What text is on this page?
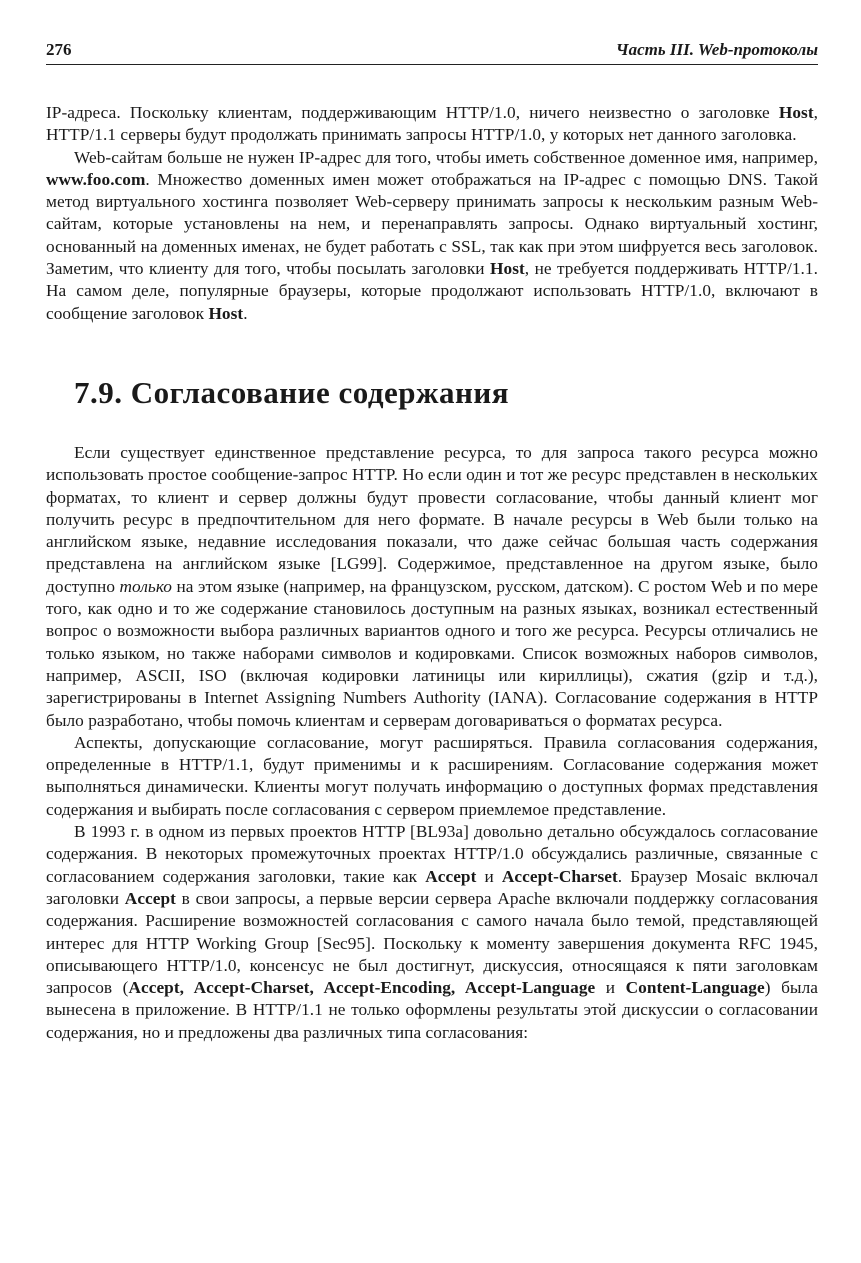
276	Часть III. Web-протоколы

IP-адреса. Поскольку клиентам, поддерживающим HTTP/1.0, ничего неизвестно о заголовке Host, HTTP/1.1 серверы будут продолжать принимать запросы HTTP/1.0, у которых нет данного заголовка.

Web-сайтам больше не нужен IP-адрес для того, чтобы иметь собственное доменное имя, например, www.foo.com. Множество доменных имен может отображаться на IP-адрес с помощью DNS. Такой метод виртуального хостинга позволяет Web-серверу принимать запросы к нескольким разным Web-сайтам, которые установлены на нем, и перенаправлять запросы. Однако виртуальный хостинг, основанный на доменных именах, не будет работать с SSL, так как при этом шифруется весь заголовок. Заметим, что клиенту для того, чтобы посылать заголовки Host, не требуется поддерживать HTTP/1.1. На самом деле, популярные браузеры, которые продолжают использовать HTTP/1.0, включают в сообщение заголовок Host.

7.9. Согласование содержания

Если существует единственное представление ресурса, то для запроса такого ресурса можно использовать простое сообщение-запрос HTTP. Но если один и тот же ресурс представлен в нескольких форматах, то клиент и сервер должны будут провести согласование, чтобы данный клиент мог получить ресурс в предпочтительном для него формате. В начале ресурсы в Web были только на английском языке, недавние исследования показали, что даже сейчас большая часть содержания представлена на английском языке [LG99]. Содержимое, представленное на другом языке, было доступно только на этом языке (например, на французском, русском, датском). С ростом Web и по мере того, как одно и то же содержание становилось доступным на разных языках, возникал естественный вопрос о возможности выбора различных вариантов одного и того же ресурса. Ресурсы отличались не только языком, но также наборами символов и кодировками. Список возможных наборов символов, например, ASCII, ISO (включая кодировки латиницы или кириллицы), сжатия (gzip и т.д.), зарегистрированы в Internet Assigning Numbers Authority (IANA). Согласование содержания в HTTP было разработано, чтобы помочь клиентам и серверам договариваться о форматах ресурса.

Аспекты, допускающие согласование, могут расширяться. Правила согласования содержания, определенные в HTTP/1.1, будут применимы и к расширениям. Согласование содержания может выполняться динамически. Клиенты могут получать информацию о доступных формах представления содержания и выбирать после согласования с сервером приемлемое представление.

В 1993 г. в одном из первых проектов HTTP [BL93a] довольно детально обсуждалось согласование содержания. В некоторых промежуточных проектах HTTP/1.0 обсуждались различные, связанные с согласованием содержания заголовки, такие как Accept и Accept-Charset. Браузер Mosaic включал заголовки Accept в свои запросы, а первые версии сервера Apache включали поддержку согласования содержания. Расширение возможностей согласования с самого начала было темой, представляющей интерес для HTTP Working Group [Sec95]. Поскольку к моменту завершения документа RFC 1945, описывающего HTTP/1.0, консенсус не был достигнут, дискуссия, относящаяся к пяти заголовкам запросов (Accept, Accept-Charset, Accept-Encoding, Accept-Language и Content-Language) была вынесена в приложение. В HTTP/1.1 не только оформлены результаты этой дискуссии о согласовании содержания, но и предложены два различных типа согласования:
